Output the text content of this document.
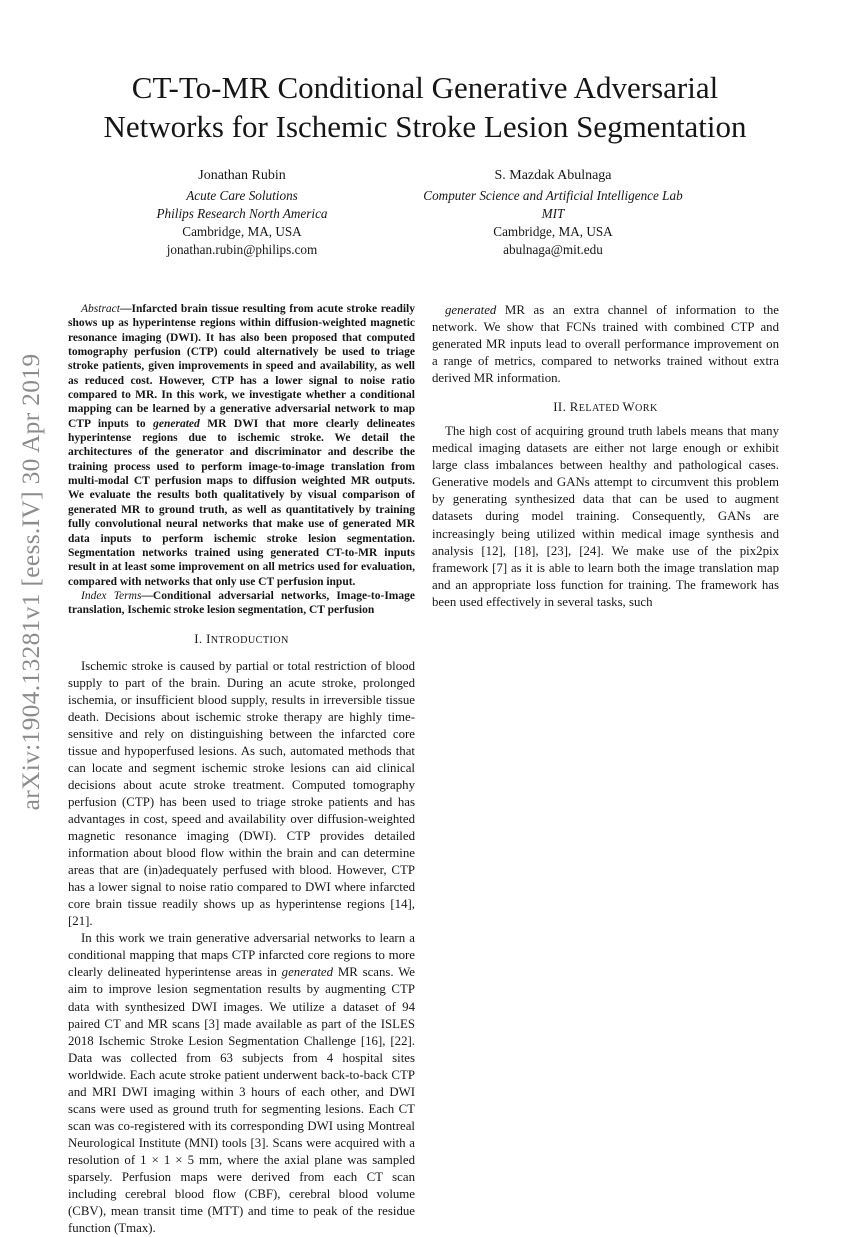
CT-To-MR Conditional Generative Adversarial
Networks for Ischemic Stroke Lesion Segmentation
Jonathan Rubin
Acute Care Solutions
Philips Research North America
Cambridge, MA, USA
jonathan.rubin@philips.com
S. Mazdak Abulnaga
Computer Science and Artificial Intelligence Lab
MIT
Cambridge, MA, USA
abulnaga@mit.edu
arXiv:1904.13281v1 [eess.IV] 30 Apr 2019

Abstract—Infarcted brain tissue resulting from acute stroke readily shows up as hyperintense regions within diffusion-weighted magnetic resonance imaging (DWI). It has also been proposed that computed tomography perfusion (CTP) could alternatively be used to triage stroke patients, given improvements in speed and availability, as well as reduced cost. However, CTP has a lower signal to noise ratio compared to MR. In this work, we investigate whether a conditional mapping can be learned by a generative adversarial network to map CTP inputs to generated MR DWI that more clearly delineates hyperintense regions due to ischemic stroke. We detail the architectures of the generator and discriminator and describe the training process used to perform image-to-image translation from multi-modal CT perfusion maps to diffusion weighted MR outputs. We evaluate the results both qualitatively by visual comparison of generated MR to ground truth, as well as quantitatively by training fully convolutional neural networks that make use of generated MR data inputs to perform ischemic stroke lesion segmentation. Segmentation networks trained using generated CT-to-MR inputs result in at least some improvement on all metrics used for evaluation, compared with networks that only use CT perfusion input.

Index Terms—Conditional adversarial networks, Image-to-Image translation, Ischemic stroke lesion segmentation, CT perfusion

I. INTRODUCTION

Ischemic stroke is caused by partial or total restriction of blood supply to part of the brain. During an acute stroke, prolonged ischemia, or insufficient blood supply, results in irreversible tissue death. Decisions about ischemic stroke therapy are highly time-sensitive and rely on distinguishing between the infarcted core tissue and hypoperfused lesions. As such, automated methods that can locate and segment ischemic stroke lesions can aid clinical decisions about acute stroke treatment. Computed tomography perfusion (CTP) has been used to triage stroke patients and has advantages in cost, speed and availability over diffusion-weighted magnetic resonance imaging (DWI). CTP provides detailed information about blood flow within the brain and can determine areas that are (in)adequately perfused with blood. However, CTP has a lower signal to noise ratio compared to DWI where infarcted core brain tissue readily shows up as hyperintense regions [14], [21].

In this work we train generative adversarial networks to learn a conditional mapping that maps CTP infarcted core regions to more clearly delineated hyperintense areas in generated MR scans. We aim to improve lesion segmentation results by augmenting CTP data with synthesized DWI images. We utilize a dataset of 94 paired CT and MR scans [3] made available as part of the ISLES 2018 Ischemic Stroke Lesion Segmentation Challenge [16], [22]. Data was collected from 63 subjects from 4 hospital sites worldwide. Each acute stroke patient underwent back-to-back CTP and MRI DWI imaging within 3 hours of each other, and DWI scans were used as ground truth for segmenting lesions. Each CT scan was co-registered with its corresponding DWI using Montreal Neurological Institute (MNI) tools [3]. Scans were acquired with a resolution of 1 × 1 × 5 mm, where the axial plane was sampled sparsely. Perfusion maps were derived from each CT scan including cerebral blood flow (CBF), cerebral blood volume (CBV), mean transit time (MTT) and time to peak of the residue function (Tmax).

generated MR as an extra channel of information to the network. We show that FCNs trained with combined CTP and generated MR inputs lead to overall performance improvement on a range of metrics, compared to networks trained without extra derived MR information.

II. RELATED WORK

The high cost of acquiring ground truth labels means that many medical imaging datasets are either not large enough or exhibit large class imbalances between healthy and pathological cases. Generative models and GANs attempt to circumvent this problem by generating synthesized data that can be used to augment datasets during model training. Consequently, GANs are increasingly being utilized within medical image synthesis and analysis [12], [18], [23], [24]. We make use of the pix2pix framework [7] as it is able to learn both the image translation map and an appropriate loss function for training. The framework has been used effectively in several tasks, such
